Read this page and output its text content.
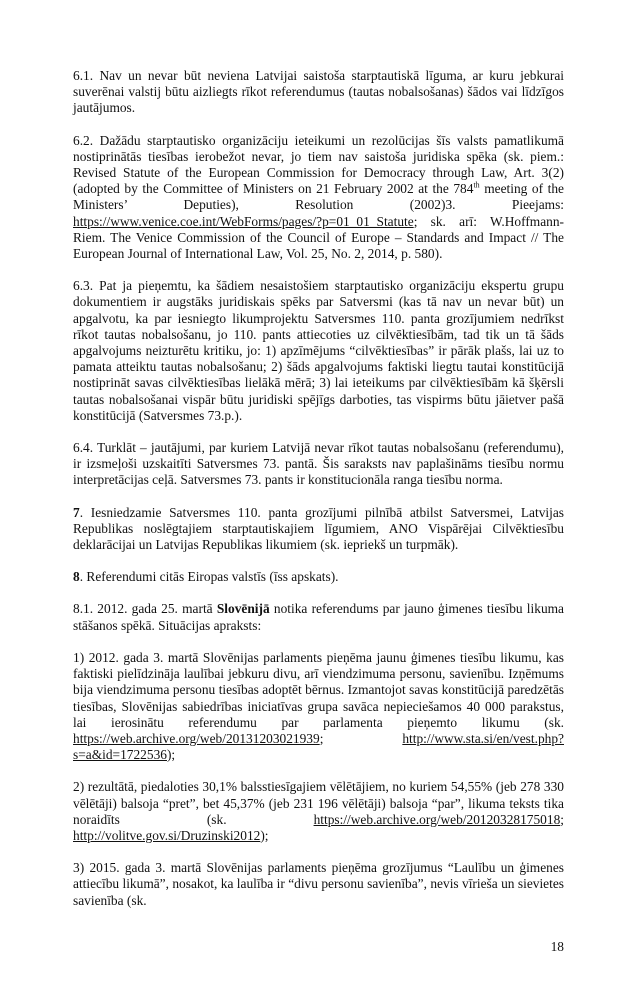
6.1. Nav un nevar būt neviena Latvijai saistoša starptautiskā līguma, ar kuru jebkurai suverēnai valstij būtu aizliegts rīkot referendumus (tautas nobalsošanas) šādos vai līdzīgos jautājumos.

6.2. Dažādu starptautisko organizāciju ieteikumi un rezolūcijas šīs valsts pamatlikumā nostiprinātās tiesības ierobežot nevar, jo tiem nav saistoša juridiska spēka (sk. piem.: Revised Statute of the European Commission for Democracy through Law, Art. 3(2) (adopted by the Committee of Ministers on 21 February 2002 at the 784th meeting of the Ministers’ Deputies), Resolution (2002)3. Pieejams: https://www.venice.coe.int/WebForms/pages/?p=01_01_Statute; sk. arī: W.Hoffmann-Riem. The Venice Commission of the Council of Europe – Standards and Impact // The European Journal of International Law, Vol. 25, No. 2, 2014, p. 580).

6.3. Pat ja pieņemtu, ka šādiem nesaistošiem starptautisko organizāciju ekspertu grupu dokumentiem ir augstāks juridiskais spēks par Satversmi (kas tā nav un nevar būt) un apgalvotu, ka par iesniegto likumprojektu Satversmes 110. panta grozījumiem nedrīkst rīkot tautas nobalsošanu, jo 110. pants attiecoties uz cilvēktiesībām, tad tik un tā šāds apgalvojums neizturētu kritiku, jo: 1) apzīmējums “cilvēktiesības” ir pārāk plašs, lai uz to pamata atteiktu tautas nobalsošanu; 2) šāds apgalvojums faktiski liegtu tautai konstitūcijā nostiprināt savas cilvēktiesības lielākā mērā; 3) lai ieteikums par cilvēktiesībām kā šķērsli tautas nobalsošanai vispār būtu juridiski spējīgs darboties, tas vispirms būtu jāietver pašā konstitūcijā (Satversmes 73.p.).

6.4. Turklāt – jautājumi, par kuriem Latvijā nevar rīkot tautas nobalsošanu (referendumu), ir izsmeļoši uzskaitīti Satversmes 73. pantā. Šis saraksts nav paplašināms tiesību normu interpretācijas ceļā. Satversmes 73. pants ir konstitucionāla ranga tiesību norma.

7. Iesniedzamie Satversmes 110. panta grozījumi pilnībā atbilst Satversmei, Latvijas Republikas noslēgtajiem starptautiskajiem līgumiem, ANO Vispārējai Cilvēktiesību deklarācijai un Latvijas Republikas likumiem (sk. iepriekš un turpmāk).

8. Referendumi citās Eiropas valstīs (īss apskats).

8.1. 2012. gada 25. martā Slovēnijā notika referendums par jauno ģimenes tiesību likuma stāšanos spēkā. Situācijas apraksts:

1) 2012. gada 3. martā Slovēnijas parlaments pieņēma jaunu ģimenes tiesību likumu, kas faktiski pielīdzināja laulībai jebkuru divu, arī viendzimuma personu, savienību. Izņēmums bija viendzimuma personu tiesības adoptēt bērnus. Izmantojot savas konstitūcijā paredzētās tiesības, Slovēnijas sabiedrības iniciatīvas grupa savāca nepieciešamos 40 000 parakstus, lai ierosinātu referendumu par parlamenta pieņemto likumu (sk. https://web.archive.org/web/20131203021939; http://www.sta.si/en/vest.php?s=a&id=1722536);

2) rezultātā, piedaloties 30,1% balsstiesīgajiem vēlētājiem, no kuriem 54,55% (jeb 278 330 vēlētāji) balsoja “pret”, bet 45,37% (jeb 231 196 vēlētāji) balsoja “par”, likuma teksts tika noraidīts (sk. https://web.archive.org/web/20120328175018; http://volitve.gov.si/Druzinski2012);

3) 2015. gada 3. martā Slovēnijas parlaments pieņēma grozījumus “Laulību un ģimenes attiecību likumā”, nosakot, ka laulība ir “divu personu savienība”, nevis vīrieša un sievietes savienība (sk.

18
